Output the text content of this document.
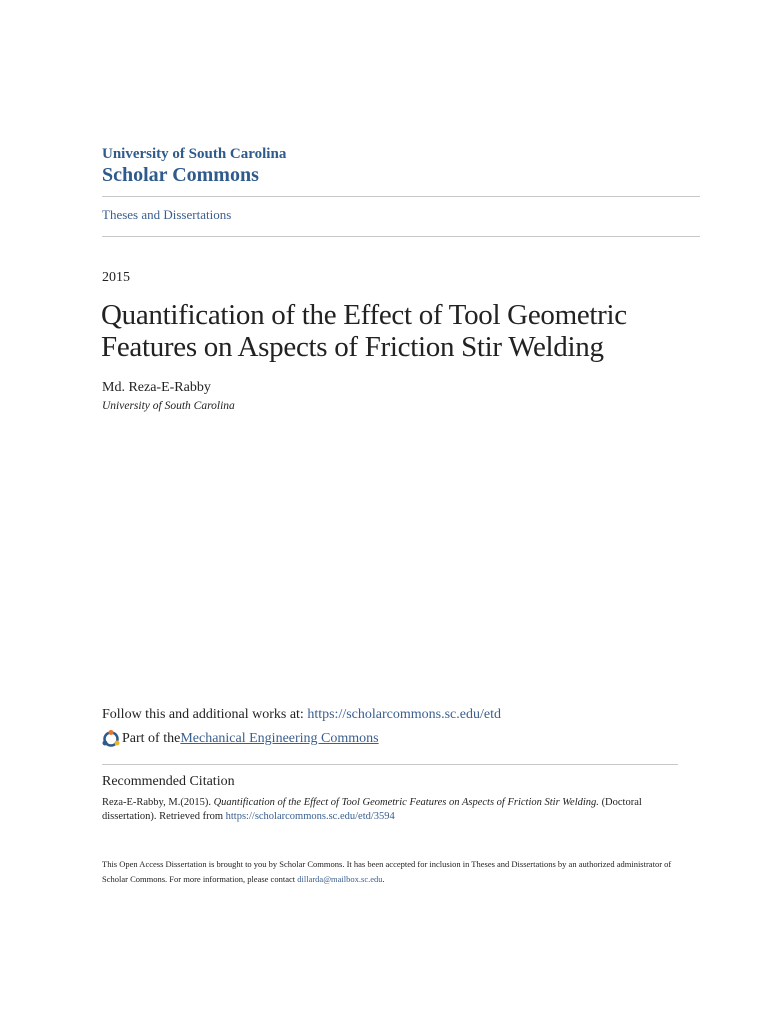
University of South Carolina
Scholar Commons
Theses and Dissertations
2015
Quantification of the Effect of Tool Geometric
Features on Aspects of Friction Stir Welding
Md. Reza-E-Rabby
University of South Carolina
Follow this and additional works at: https://scholarcommons.sc.edu/etd
Part of the Mechanical Engineering Commons
Recommended Citation
Reza-E-Rabby, M.(2015). Quantification of the Effect of Tool Geometric Features on Aspects of Friction Stir Welding. (Doctoral dissertation). Retrieved from https://scholarcommons.sc.edu/etd/3594
This Open Access Dissertation is brought to you by Scholar Commons. It has been accepted for inclusion in Theses and Dissertations by an authorized administrator of Scholar Commons. For more information, please contact dillarda@mailbox.sc.edu.
